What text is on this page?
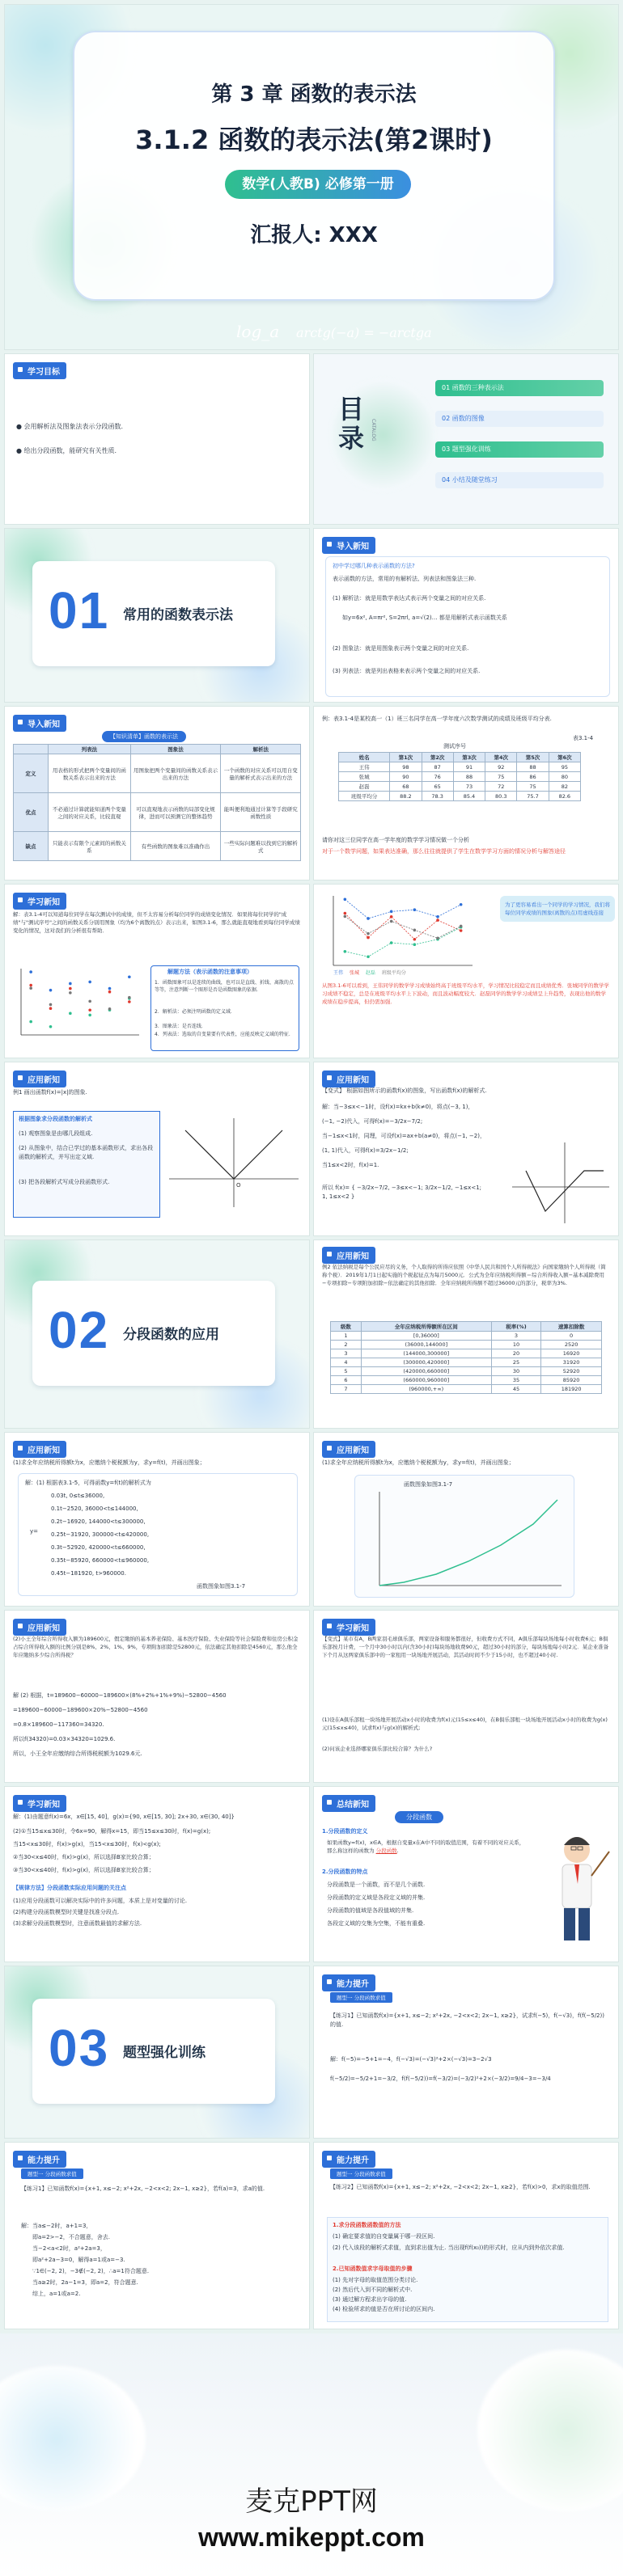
第 3 章 函数的表示法
3.1.2 函数的表示法(第2课时)
数学(人教B) 必修第一册
汇报人: XXX
log_a arctg(−a) = −arctga
学习目标
● 会用解析法及图象法表示分段函数.
● 给出分段函数，能研究有关性质.
目录	CATALOG
01 函数的三种表示法
02 函数的图像
03 题型强化训练
04 小结及随堂练习
01 常用的函数表示法
导入新知
初中学过哪几种表示函数的方法?
表示函数的方法，常用的有解析法、列表法和图象法三种.
(1) 解析法：就是用数学表达式表示两个变量之间的对应关系.
如y=6x², A=πr², S=2πrl, a=√(2)… 都是用解析式表示函数关系
(2) 图象法：就是用图象表示两个变量之间的对应关系.
(3) 列表法：就是列出表格来表示两个变量之间的对应关系.
导入新知
【知识清单】函数的表示法
	列表法	图象法	解析法
定义	用表格的形式把两个变量间的函数关系表示出来的方法	用图象把两个变量间的函数关系表示出来的方法	一个函数的对应关系可以用自变量的解析式表示出来的方法
优点	不必通过计算就能知道两个变量之间的对应关系，比较直观	可以直观地表示函数的局部变化规律，进而可以预测它的整体趋势	能叫便利地通过计算等手段研究函数性质
缺点	只能表示有限个元素间的函数关系	有些函数的图象难以准确作出	一些实际问题难以找到它的解析式
例：表3.1-4是某校高一（1）班三名同学在高一学年度六次数学测试的成绩及班级平均分表.
表3.1-4
测试序号
姓名	第1次	第2次	第3次	第4次	第5次	第6次
王伟	98	87	91	92	88	95
张城	90	76	88	75	86	80
赵磊	68	65	73	72	75	82
班级平均分	88.2	78.3	85.4	80.3	75.7	82.6
请你对这三位同学在高一学年度的数学学习情况做一个分析
对于一个数学问题，如果表达准确，那么往往就提供了学生在数学学习方面的情况分析与解答途径
学习新知
解：表3.1-4可以知道每位同学在每次测试中的成绩，但不太容易分析每位同学的成绩变化情况．如果将每位同学的"成绩"与"测试序号"之间的函数关系分别用图象（均为6个离散的点）表示出来，如图3.1-6，那么就能直观地看到每位同学成绩变化的情况，这对我们的分析很有帮助．
解题方法（表示函数的注意事项）
1．函数图象可以是连续的曲线，也可以是直线、折线、离散的点等等，注意判断一个图形是否是函数图象的依据．
2．解析法：必须注明函数的定义域．
3．图象法：是否连线．
4．列表法：选取的自变量要有代表性，应能反映定义域的特征．
王伟 张城 赵磊 班级平均分
为了更容易看出一个同学的学习情况，我们将每位同学成绩的图象(离散的点)用虚线连接
从图3.1-6可以看到，王伟同学的数学学习成绩始终高于班级平均水平，学习情况比较稳定而且成绩优秀．张城同学的数学学习成绩不稳定，总是在班级平均水平上下波动，而且波动幅度较大．赵磊同学的数学学习成绩呈上升趋势，表现出他的数学成绩在稳步提高，但仍需加强．
应用新知
例1 画出函数f(x)=|x|的图象.
根据图象求分段函数的解析式
(1) 观察图象是由哪几段组成.
(2) 从图象中，结合已学过的基本函数形式，求出各段函数的解析式，并写出定义域.
(3) 把各段解析式写成分段函数形式.	O
应用新知
【变式】 根据如图所示的函数f(x)的图象，写出函数f(x)的解析式.
解：当−3≤x<−1时，设f(x)=kx+b(k≠0)，将点(−3, 1)，
(−1, −2)代入，可得f(x)=−3/2x−7/2;
当−1≤x<1时，同理，可设f(x)=ax+b(a≠0)，将点(−1, −2)，
(1, 1)代入，可得f(x)=3/2x−1/2;
当1≤x<2时，f(x)=1.
所以 f(x)= { −3/2x−7/2, −3≤x<−1; 3/2x−1/2, −1≤x<1; 1, 1≤x<2 }
02 分段函数的应用
应用新知
例2 依法纳税是每个公民应尽的义务，个人取得的所得应依照《中华人民共和国个人所得税法》向国家缴纳个人所得税（简称个税）．2019年1月1日起实施的个税起征点为每月5000元．公式为全年应纳税所得额＝综合所得收入额−基本减除费用−专项扣除−专项附加扣除−依法确定的其他扣除．全年应纳税所得额不超过36000元的部分，税率为3%.
级数	全年应纳税所得额所在区间	税率(%)	速算扣除数
1	[0,36000]	3	0
2	(36000,144000]	10	2520
3	(144000,300000]	20	16920
4	(300000,420000]	25	31920
5	(420000,660000]	30	52920
6	(660000,960000]	35	85920
7	(960000,+∞)	45	181920
应用新知
(1)求全年应纳税所得额t为x，应缴纳个税税额为y，求y=f(t)，并画出图象；
解：(1) 根据表3.1-5，可得函数y=f(t)的解析式为
y=
0.03t, 0≤t≤36000,
0.1t−2520, 36000<t≤144000,
0.2t−16920, 144000<t≤300000,
0.25t−31920, 300000<t≤420000,
0.3t−52920, 420000<t≤660000,
0.35t−85920, 660000<t≤960000,
0.45t−181920, t>960000.
函数图象如图3.1-7
应用新知
(1)求全年应纳税所得额t为x，应缴纳个税税额为y，求y=f(t)，并画出图象；
函数图象如图3.1-7
应用新知
(2)小王全年综合所得收入额为189600元，假定缴纳的基本养老保险、基本医疗保险、失业保险等社会保险费和住房公积金占综合所得收入额的比例分别是8%、2%、1%、9%，专项附加扣除是52800元，依法确定其他扣除是4560元，那么他全年应缴纳多少综合所得税？
解 (2) 根据，t=189600−60000−189600×(8%+2%+1%+9%)−52800−4560
=189600−60000−189600×20%−52800−4560
=0.8×189600−117360=34320.
所以f(34320)=0.03×34320=1029.6.
所以，小王全年应缴纳综合所得税税额为1029.6元.
学习新知
【变式】某市有A，B两家羽毛球俱乐部，两家设备和服务都很好，但收费方式不同，A俱乐部每块场地每小时收费6元；B俱乐部按月计费，一个月中30小时以内(含30小时)每块场地收费90元，超过30小时的部分，每块场地每小时2元．某企业准备下个月从这两家俱乐部中的一家租用一块场地开展活动，其活动时间不少于15小时，也不超过40小时.
(1)设在A俱乐部租一块场地开展活动x小时的收费为f(x)元(15≤x≤40)，在B俱乐部租一块场地开展活动x小时的收费为g(x)元(15≤x≤40)，试求f(x)与g(x)的解析式;
(2)问该企业选择哪家俱乐部比较合算？为什么?
学习新知
解：(1)由题意f(x)=6x，x∈[15, 40]，g(x)={90, x∈[15, 30]; 2x+30, x∈(30, 40]}
(2)①当15≤x≤30时，令6x=90，解得x=15，即当15≤x≤30时，f(x)=g(x);
当15<x≤30时，f(x)>g(x)，当15<x≤30时，f(x)<g(x);
②当30<x≤40时，f(x)>g(x)，所以选择B家比较合算；
③当30<x≤40时，f(x)>g(x)，所以选择B家比较合算；
【规律方法】分段函数实际应用问题的关注点
(1)应用分段函数可以解决实际中的许多问题，本质上是对变量的讨论.
(2)构建分段函数模型时关键是找准分段点.
(3)求解分段函数模型时，注意函数最值的求解方法.
总结新知
分段函数
1.分段函数的定义
如果函数y=f(x)，x∈A，根据自变量x在A中不同的取值范围，有着不同的对应关系，那么称这样的函数为 分段函数.
2.分段函数的特点
分段函数是一个函数，而不是几个函数.
分段函数的定义域是各段定义域的并集.
分段函数的值域是各段值域的并集.
各段定义域的交集为空集，不能有重叠.
03 题型强化训练
能力提升
题型一 分段函数求值
【练习1】已知函数f(x)={x+1, x≤−2; x²+2x, −2<x<2; 2x−1, x≥2}，试求f(−5)，f(−√3)，f(f(−5/2))的值.
解：f(−5)=−5+1=−4，f(−√3)=(−√3)²+2×(−√3)=3−2√3
f(−5/2)=−5/2+1=−3/2，f(f(−5/2))=f(−3/2)=(−3/2)²+2×(−3/2)=9/4−3=−3/4
能力提升
题型一 分段函数求值
【练习1】已知函数f(x)={x+1, x≤−2; x²+2x, −2<x<2; 2x−1, x≥2}，若f(a)=3，求a的值.
解：当a≤−2时，a+1=3，
即a=2>−2，不合题意，舍去.
当−2<a<2时，a²+2a=3，
即a²+2a−3=0，解得a=1或a=−3.
∵1∈(−2, 2)，−3∉(−2, 2)，∴a=1符合题意.
当a≥2时，2a−1=3，即a=2，符合题意.
综上，a=1或a=2.
能力提升
题型一 分段函数求值
【练习2】已知函数f(x)={x+1, x≤−2; x²+2x, −2<x<2; 2x−1, x≥2}，若f(x)>0，求x的取值范围.
1.求分段函数函数值的方法
(1) 确定要求值的自变量属于哪一段区间.
(2) 代入该段的解析式求值，直到求出值为止. 当出现f(f(x₀))的形式时，应从内到外依次求值.
2.已知函数值求字母取值的步骤
(1) 先对字母的取值范围分类讨论.
(2) 然后代入到不同的解析式中.
(3) 通过解方程求出字母的值.
(4) 检验所求的值是否在所讨论的区间内.
麦克PPT网
www.mikeppt.com
